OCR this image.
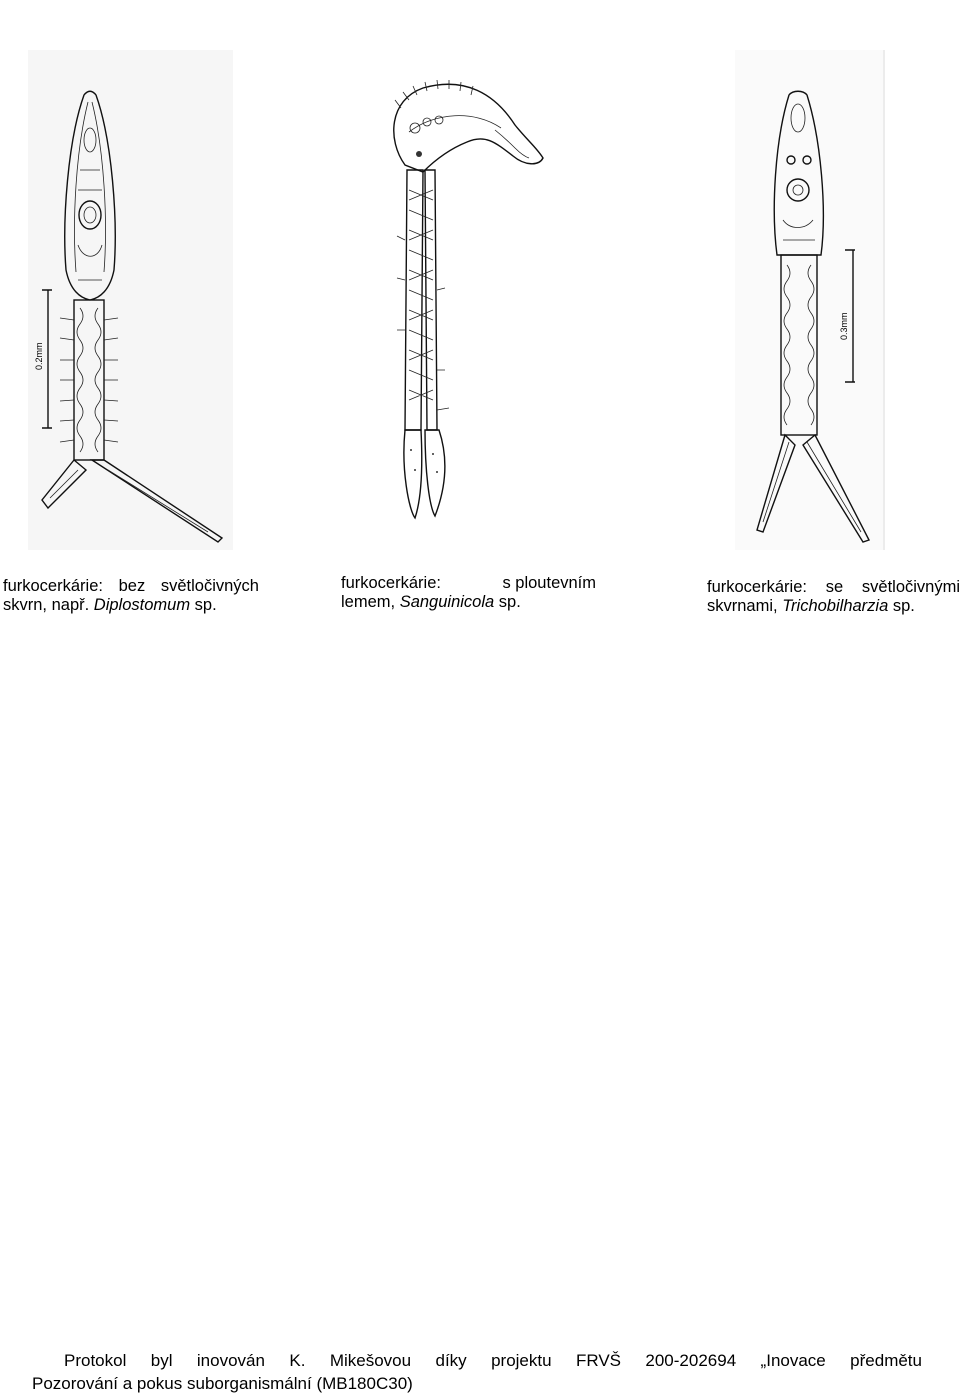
0.2mm
0.3mm
furkocerkárie: bez světločivných
skvrn, např. Diplostomum sp.
furkocerkárie:	s ploutevním
lemem, Sanguinicola sp.
furkocerkárie: se světločivnými
skvrnami, Trichobilharzia sp.
Protokol byl inovován K. Mikešovou díky projektu FRVŠ 200-202694 „Inovace předmětu
Pozorování a pokus suborganismální (MB180C30)
